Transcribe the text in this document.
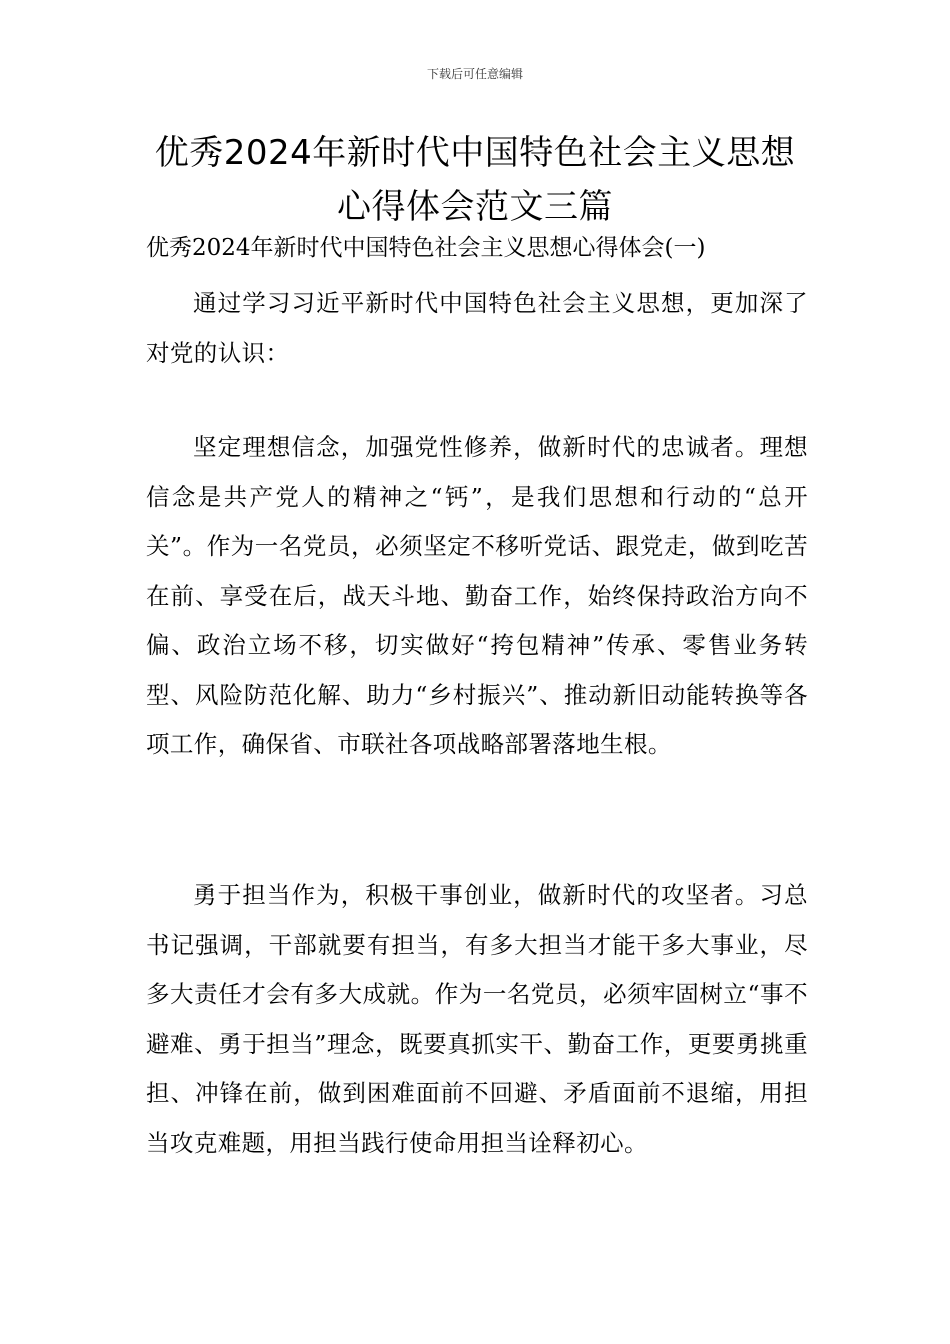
下载后可任意编辑
优秀2024年新时代中国特色社会主义思想
心得体会范文三篇
优秀2024年新时代中国特色社会主义思想心得体会(一)

通过学习习近平新时代中国特色社会主义思想，更加深了对党的认识：

坚定理想信念，加强党性修养，做新时代的忠诚者。理想信念是共产党人的精神之“钙”，是我们思想和行动的“总开关”。作为一名党员，必须坚定不移听党话、跟党走，做到吃苦在前、享受在后，战天斗地、勤奋工作，始终保持政治方向不偏、政治立场不移，切实做好“挎包精神”传承、零售业务转型、风险防范化解、助力“乡村振兴”、推动新旧动能转换等各项工作，确保省、市联社各项战略部署落地生根。

勇于担当作为，积极干事创业，做新时代的攻坚者。习总书记强调，干部就要有担当，有多大担当才能干多大事业，尽多大责任才会有多大成就。作为一名党员，必须牢固树立“事不避难、勇于担当”理念，既要真抓实干、勤奋工作，更要勇挑重担、冲锋在前，做到困难面前不回避、矛盾面前不退缩，用担当攻克难题，用担当践行使命用担当诠释初心。
